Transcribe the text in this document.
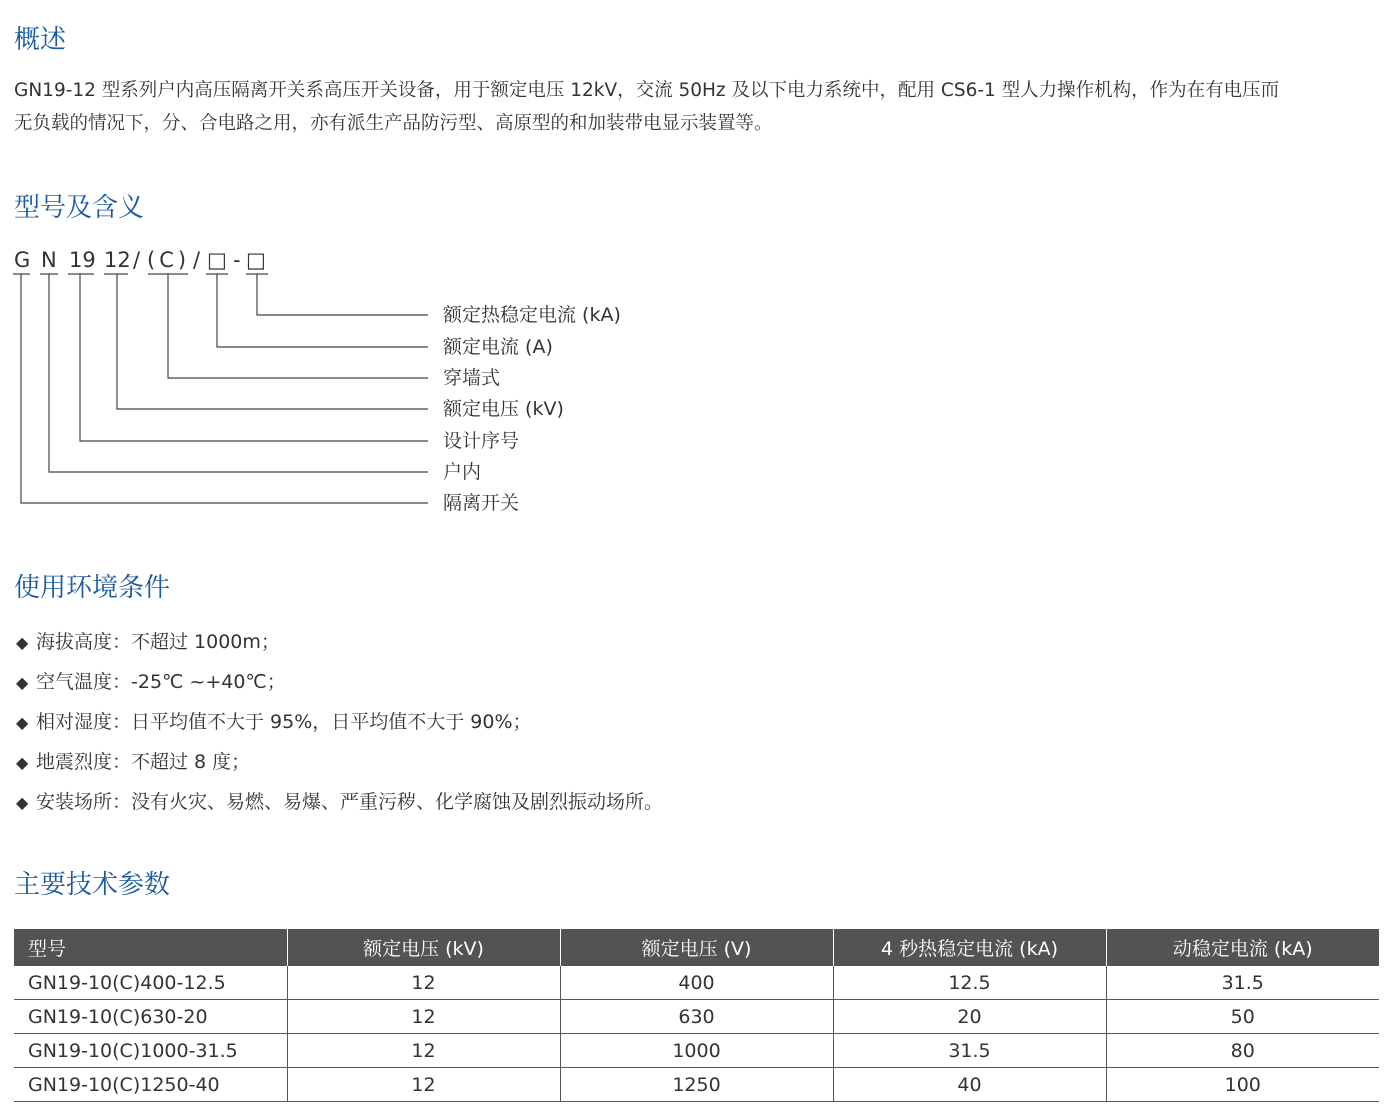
概述

GN19-12 型系列户内高压隔离开关系高压开关设备，用于额定电压 12kV，交流 50Hz 及以下电力系统中，配用 CS6-1 型人力操作机构，作为在有电压而

无负载的情况下，分、合电路之用，亦有派生产品防污型、高原型的和加装带电显示装置等。

型号及含义
G N 19 12 / (C) / □ - □
额定热稳定电流 (kA)
额定电流 (A)
穿墙式
额定电压 (kV)
设计序号
户内
隔离开关
使用环境条件
◆ 海拔高度：不超过 1000m；
◆ 空气温度：-25℃ ~+40℃；
◆ 相对湿度：日平均值不大于 95%，日平均值不大于 90%；
◆ 地震烈度：不超过 8 度；
◆ 安装场所：没有火灾、易燃、易爆、严重污秽、化学腐蚀及剧烈振动场所。
主要技术参数
型号	额定电压 (kV)	额定电压 (V)	4 秒热稳定电流 (kA)	动稳定电流 (kA)
GN19-10(C)400-12.5	12	400	12.5	31.5
GN19-10(C)630-20	12	630	20	50
GN19-10(C)1000-31.5	12	1000	31.5	80
GN19-10(C)1250-40	12	1250	40	100
